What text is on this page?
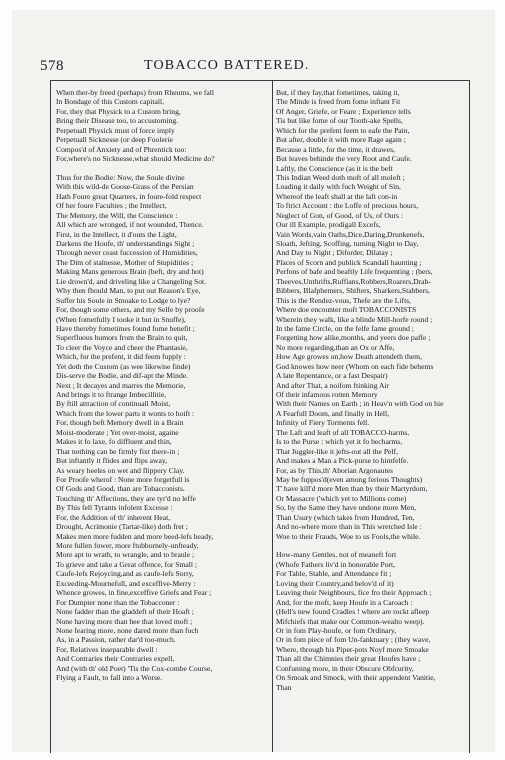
578	TOBACCO BATTERED.
When ther-by freed (perhaps) from Rheums, we fall
In Bondage of this Custom capitall,
For, they that Physick to a Custom bring,
Bring their Disease too, to accustoming.
Perpetuall Physick must of force imply
Perpetuall Sicknesse (or deep Foolerie
Compos'd of Anxiety and of Phrentick too:
For,where's no Sicknesse,what should Medicine do?
Thus for the Bodie: Now, the Soule divine
With this wild-de Goose-Grass of the Persian
Hath Foure great Quarters, in foure-fold respect
Of her foure Faculties ; the Intellect,
The Memory, the Will, the Conscience :
All which are wronged, if not wounded, Thence.
First, in the Intellect, it d'outs the Light,
Darkens the Houfe, th' understandings Sight ;
Through never ceast fuccession of Humidities,
The Dim of stalnesse, Mother of Stupidities ;
Making Mans generous Brain (beft, dry and hot)
Lie drown'd, and driveling like a Changeling Sot.
Why then fhould Man, to put out Reason's Eye,
Suffer his Soule in Smoake to Lodge to lye?
For, though some others, and my Selfe by proofe
(When fometfully I tooke it but in Snuffe),
Have thereby fometimes found fome benefit ;
Superfluous humors from the Brain to quit,
To cleer the Voyce and cheer the Phantasie,
Which, for the prefent, it did feem fupply :
Yet doth the Custom (as wee likewise finde)
Dis-serve the Bodie, and dif-apt the Minde.
Next ; It decayes and marres the Memorie,
And brings it to ftrange Imbecillitie,
By ftill attraction of continuall Moist,
Which from the lower parts it wonts to hoift :
For, though beft Memory dwell in a Brain
Moist-moderate ; Yet over-moist, againe
Makes it fo laxe, fo diffluent and thin,
That nothing can be firmly fixt there-in ;
But inftantly it flides and flips away,
As weary heeles on wet and flippery Clay.
For Proofe wherof : None more forgetfull is
Of Gods and Good, than are Tobacconists.
Touching th' Affections, they are tyr'd no leffe
By This fell Tyrants infolent Excesse :
For, the Addition of th' inherent Heat,
Drought, Acrimonie (Tartar-like) doth fret ;
Makes men more fudden and more beed-lefs heady,
More fullen fower, more ftubbornely-unfteady,
More apt to wrath, to wrangle, and to braule ;
To grieve and take a Great offence, for Small ;
Caufe-lefs Rejoycing,and as caufe-lefs Sorry,
Exceeding-Mournefull, and exceffive-Merry :
Whence growes, in fine,exceffive Griefs and Fear ;
For Dumpter none than the Tobacconer :
None fadder than the gladdeft of their Hoaft ;
None having more than hee that loved moft ;
None fearing more, none dared more than fuch
As, in a Passion, rather dar'd too-much.
For, Relatives inseparable dwell :
And Contraries their Contraries expell,
And (with th' old Poet) 'Tis the Cox-combe Course,
Flying a Fault, to fall into a Worse.
But, if they fay,that fometimes, taking it,
The Minde is freed from fome inftant Fit
Of Anger, Griefe, or Feare ; Experience tells
Tis but like fome of our Tooth-ake Spells,
Which for the prefent feem to eafe the Pain,
But after, double it with more Rage again ;
Because a little, for the time, it drawes,
But leaves behinde the very Root and Caufe.
Laftly, the Conscience (as it is the beft
This Indian Weed doth moft of all moleft ;
Loading it daily with fuch Weight of Sin,
Whereof the leaft shall at the laft con-in
To ftrict Account : the Loffe of precious hours,
Neglect of Gon, of Good, of Us, of Ours :
Our ill Example, prodigall Excefs,
Vain Words,vain Oaths,Dice,Daring,Drunkenefs,
Sloath, Jefting, Scoffing, turning Night to Day,
And Day to Night ; Diforder, Dilatay ;
Places of Scorn and publick Scandall haunting ;
Perfons of bafe and beaftly Life frequenting ; (bers,
Theeves,Unthrifts,Ruffians,Robbers,Roarers,Drab-
Bibbers, Blafphemers, Shifters, Sharkers,Stabbers,
This is the Rendez-vous, Thefe are the Lifts,
Where doe encounter moft TOBACCONISTS
Wherein they walk, like a blinde Mill-horfe round ;
In the fame Circle, on the felfe fame ground ;
Forgetting how alike,months, and yeers doe paffe ;
No more regarding,than an Ox or Affe,
How Age growes on,how Death attendeth them,
God knowes how neer (Whom on each fide behems
A late Repentance, or a fast Despair)
And after That, a noifom ftinking Air
Of their infamous rotten Memory
With their Names on Earth ; in Heav'n with God on hie
A Fearfull Doom, and finally in Hell,
Infinity of Fiery Torments fell.
The Laft and leaft of all TOBACCO-harms,
Is to the Purse : which yet it fo becharms,
That Juggler-like it jefts-out all the Pelf,
And makes a Man a Pick-purse to himfelfe.
For, as by This,th' Aborian Argonautes
May be fuppos'd(even among ferious Thoughts)
T' have kill'd more Men than by their Martyrdom,
Or Massacre ('which yet to Millions come)
So, by the Same they have undone more Men,
Than Usury (which takes from Hundred, Ten,
And no-where more than in This wretched Isle :
Woe to their Frauds, Woe to us Fools,the while.
How-many Gentles, not of meaneft fort
(Whofe Fathers liv'd in honorable Port,
For Table, Stable, and Attendance fit ;
Loving their Country,and belov'd of it)
Leaving their Neighbours, fice fro their Approach ;
And, for the moft, keep Houfe in a Caroach :
(Hell's new found Cradles ! where are rockt afleep
Mifchiefs that make our Common-wealto weep).
Or in fom Play-houfe, or fom Ordinary,
Or in fom piece of fom Un-fanktuary ; (they wave,
Where, through his Piper-pots Noyf more Smoake
Than all the Chimnies their great Houfes have ;
Confuming more, in their Obscure Obfcurity,
On Smoak and Smock, with their appendent Vanitie,
Than
